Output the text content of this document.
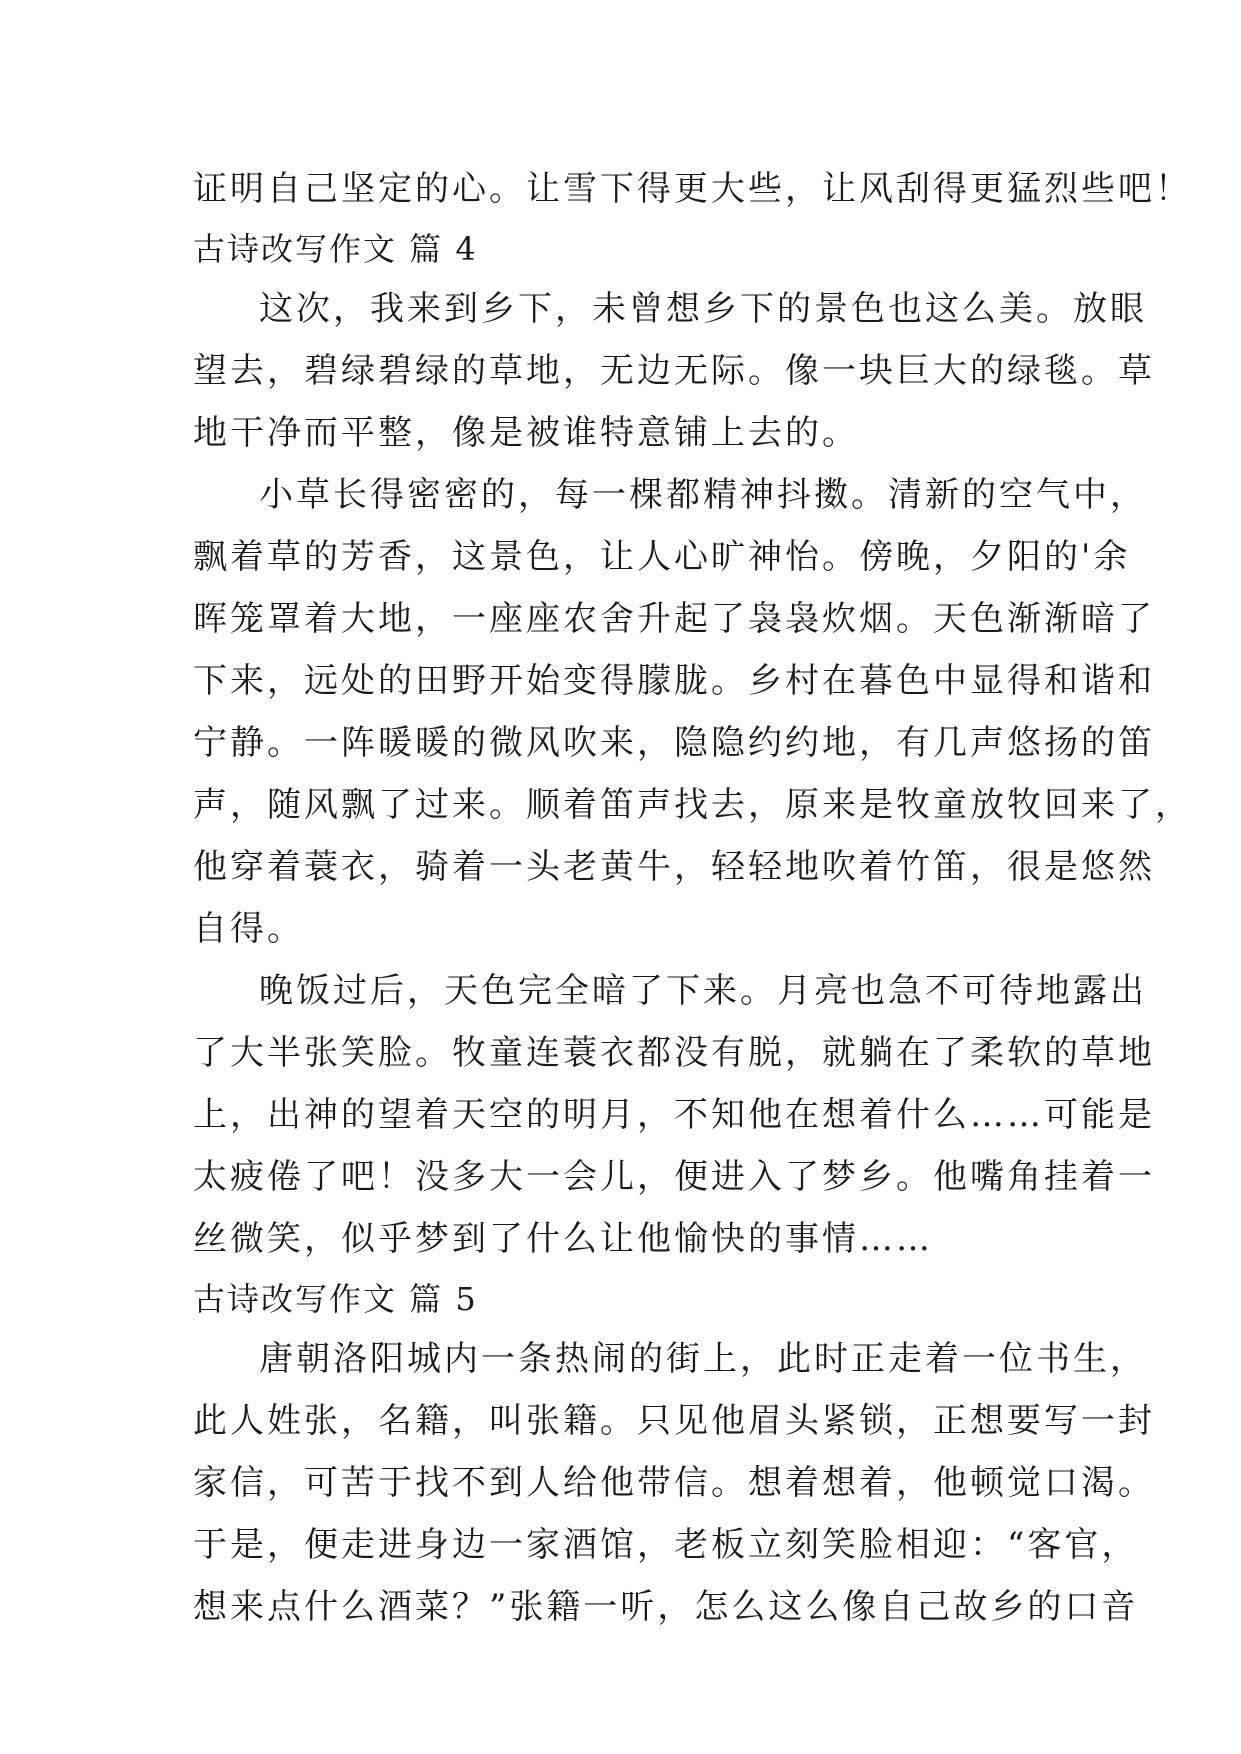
证明自己坚定的心。让雪下得更大些，让风刮得更猛烈些吧！
古诗改写作文 篇 4
这次，我来到乡下，未曾想乡下的景色也这么美。放眼
望去，碧绿碧绿的草地，无边无际。像一块巨大的绿毯。草
地干净而平整，像是被谁特意铺上去的。
小草长得密密的，每一棵都精神抖擞。清新的空气中，
飘着草的芳香，这景色，让人心旷神怡。傍晚，夕阳的'余
晖笼罩着大地，一座座农舍升起了袅袅炊烟。天色渐渐暗了
下来，远处的田野开始变得朦胧。乡村在暮色中显得和谐和
宁静。一阵暖暖的微风吹来，隐隐约约地，有几声悠扬的笛
声，随风飘了过来。顺着笛声找去，原来是牧童放牧回来了，
他穿着蓑衣，骑着一头老黄牛，轻轻地吹着竹笛，很是悠然
自得。
晚饭过后，天色完全暗了下来。月亮也急不可待地露出
了大半张笑脸。牧童连蓑衣都没有脱，就躺在了柔软的草地
上，出神的望着天空的明月，不知他在想着什么……可能是
太疲倦了吧！没多大一会儿，便进入了梦乡。他嘴角挂着一
丝微笑，似乎梦到了什么让他愉快的事情……
古诗改写作文 篇 5
唐朝洛阳城内一条热闹的街上，此时正走着一位书生，
此人姓张，名籍，叫张籍。只见他眉头紧锁，正想要写一封
家信，可苦于找不到人给他带信。想着想着，他顿觉口渴。
于是，便走进身边一家酒馆，老板立刻笑脸相迎：“客官，
想来点什么酒菜？”张籍一听，怎么这么像自己故乡的口音
